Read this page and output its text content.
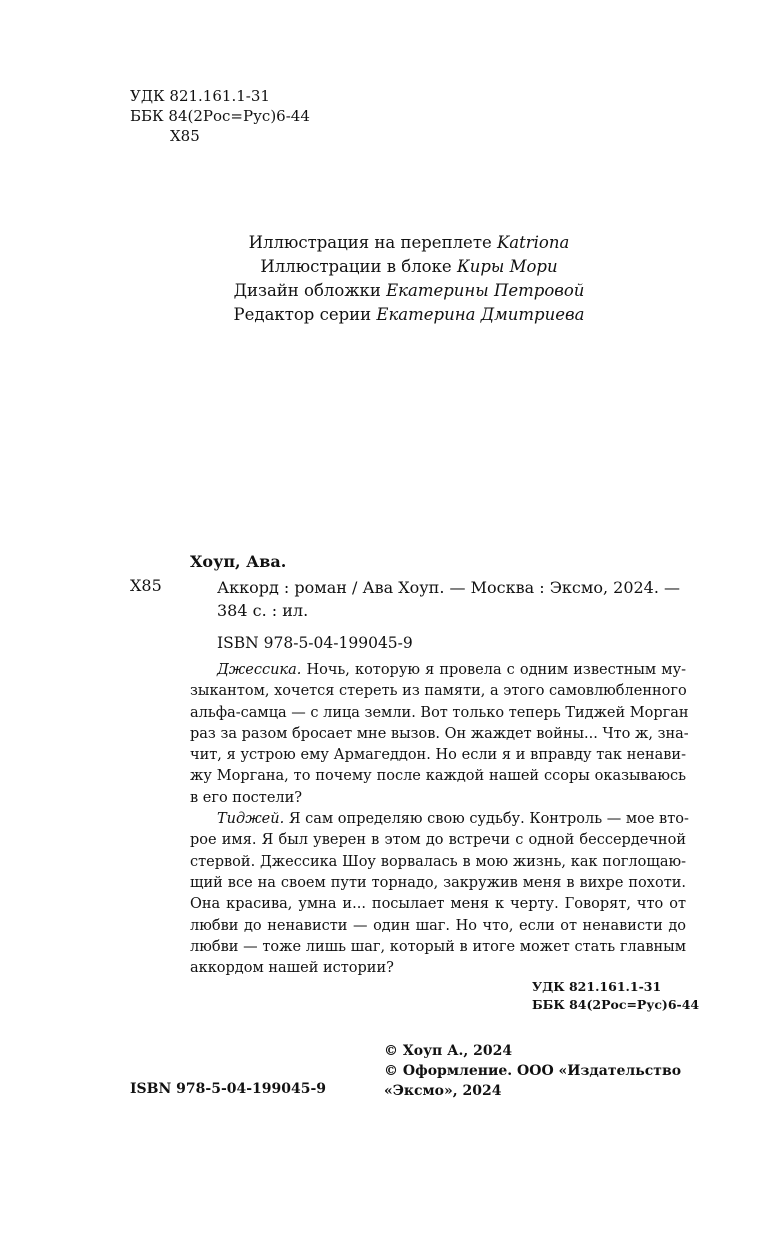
УДК 821.161.1-31
ББК 84(2Рос=Рус)6-44
Х85
Иллюстрация на переплете Katriona
Иллюстрации в блоке Киры Мори
Дизайн обложки Екатерины Петровой
Редактор серии Екатерина Дмитриева
Хоуп, Ава.
Х85	Аккорд : роман / Ава Хоуп. — Москва : Эксмо, 2024. —
384 с. : ил.
ISBN 978-5-04-199045-9
Джессика. Ночь, которую я провела с одним известным му-
зыкантом, хочется стереть из памяти, а этого самовлюбленного
альфа-самца — с лица земли. Вот только теперь Тиджей Морган
раз за разом бросает мне вызов. Он жаждет войны... Что ж, зна-
чит, я устрою ему Армагеддон. Но если я и вправду так ненави-
жу Моргана, то почему после каждой нашей ссоры оказываюсь
в его постели?
Тиджей. Я сам определяю свою судьбу. Контроль — мое вто-
рое имя. Я был уверен в этом до встречи с одной бессердечной
стервой. Джессика Шоу ворвалась в мою жизнь, как поглощаю-
щий все на своем пути торнадо, закружив меня в вихре похоти.
Она красива, умна и... посылает меня к черту. Говорят, что от
любви до ненависти — один шаг. Но что, если от ненависти до
любви — тоже лишь шаг, который в итоге может стать главным
аккордом нашей истории?
УДК 821.161.1-31
ББК 84(2Рос=Рус)6-44
© Хоуп А., 2024
© Оформление. ООО «Издательство
«Эксмо», 2024
ISBN 978-5-04-199045-9
